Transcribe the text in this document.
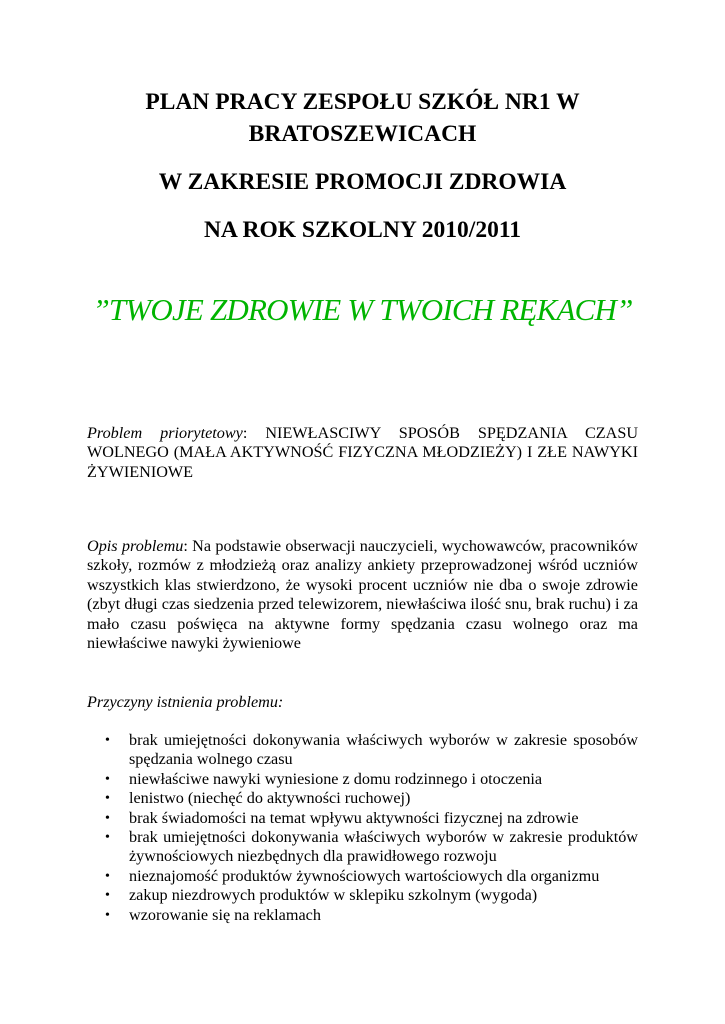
PLAN PRACY ZESPOŁU SZKÓŁ NR1 W BRATOSZEWICACH
W ZAKRESIE PROMOCJI ZDROWIA
NA ROK SZKOLNY 2010/2011
”TWOJE ZDROWIE W TWOICH RĘKACH”
Problem priorytetowy: NIEWŁASCIWY SPOSÓB SPĘDZANIA CZASU WOLNEGO (MAŁA AKTYWNOŚĆ FIZYCZNA MŁODZIEŻY) I ZŁE NAWYKI ŻYWIENIOWE
Opis problemu: Na podstawie obserwacji nauczycieli, wychowawców, pracowników szkoły, rozmów z młodzieżą oraz analizy ankiety przeprowadzonej wśród uczniów wszystkich klas stwierdzono, że wysoki procent uczniów nie dba o swoje zdrowie (zbyt długi czas siedzenia przed telewizorem, niewłaściwa ilość snu, brak ruchu) i za mało czasu poświęca na aktywne formy spędzania czasu wolnego oraz ma niewłaściwe nawyki żywieniowe
Przyczyny istnienia problemu:
• brak umiejętności dokonywania właściwych wyborów w zakresie sposobów spędzania wolnego czasu
• niewłaściwe nawyki wyniesione z domu rodzinnego i otoczenia
• lenistwo (niechęć do aktywności ruchowej)
• brak świadomości na temat wpływu aktywności fizycznej na zdrowie
• brak umiejętności dokonywania właściwych wyborów w zakresie produktów żywnościowych niezbędnych dla prawidłowego rozwoju
• nieznajomość produktów żywnościowych wartościowych dla organizmu
• zakup niezdrowych produktów w sklepiku szkolnym (wygoda)
• wzorowanie się na reklamach
